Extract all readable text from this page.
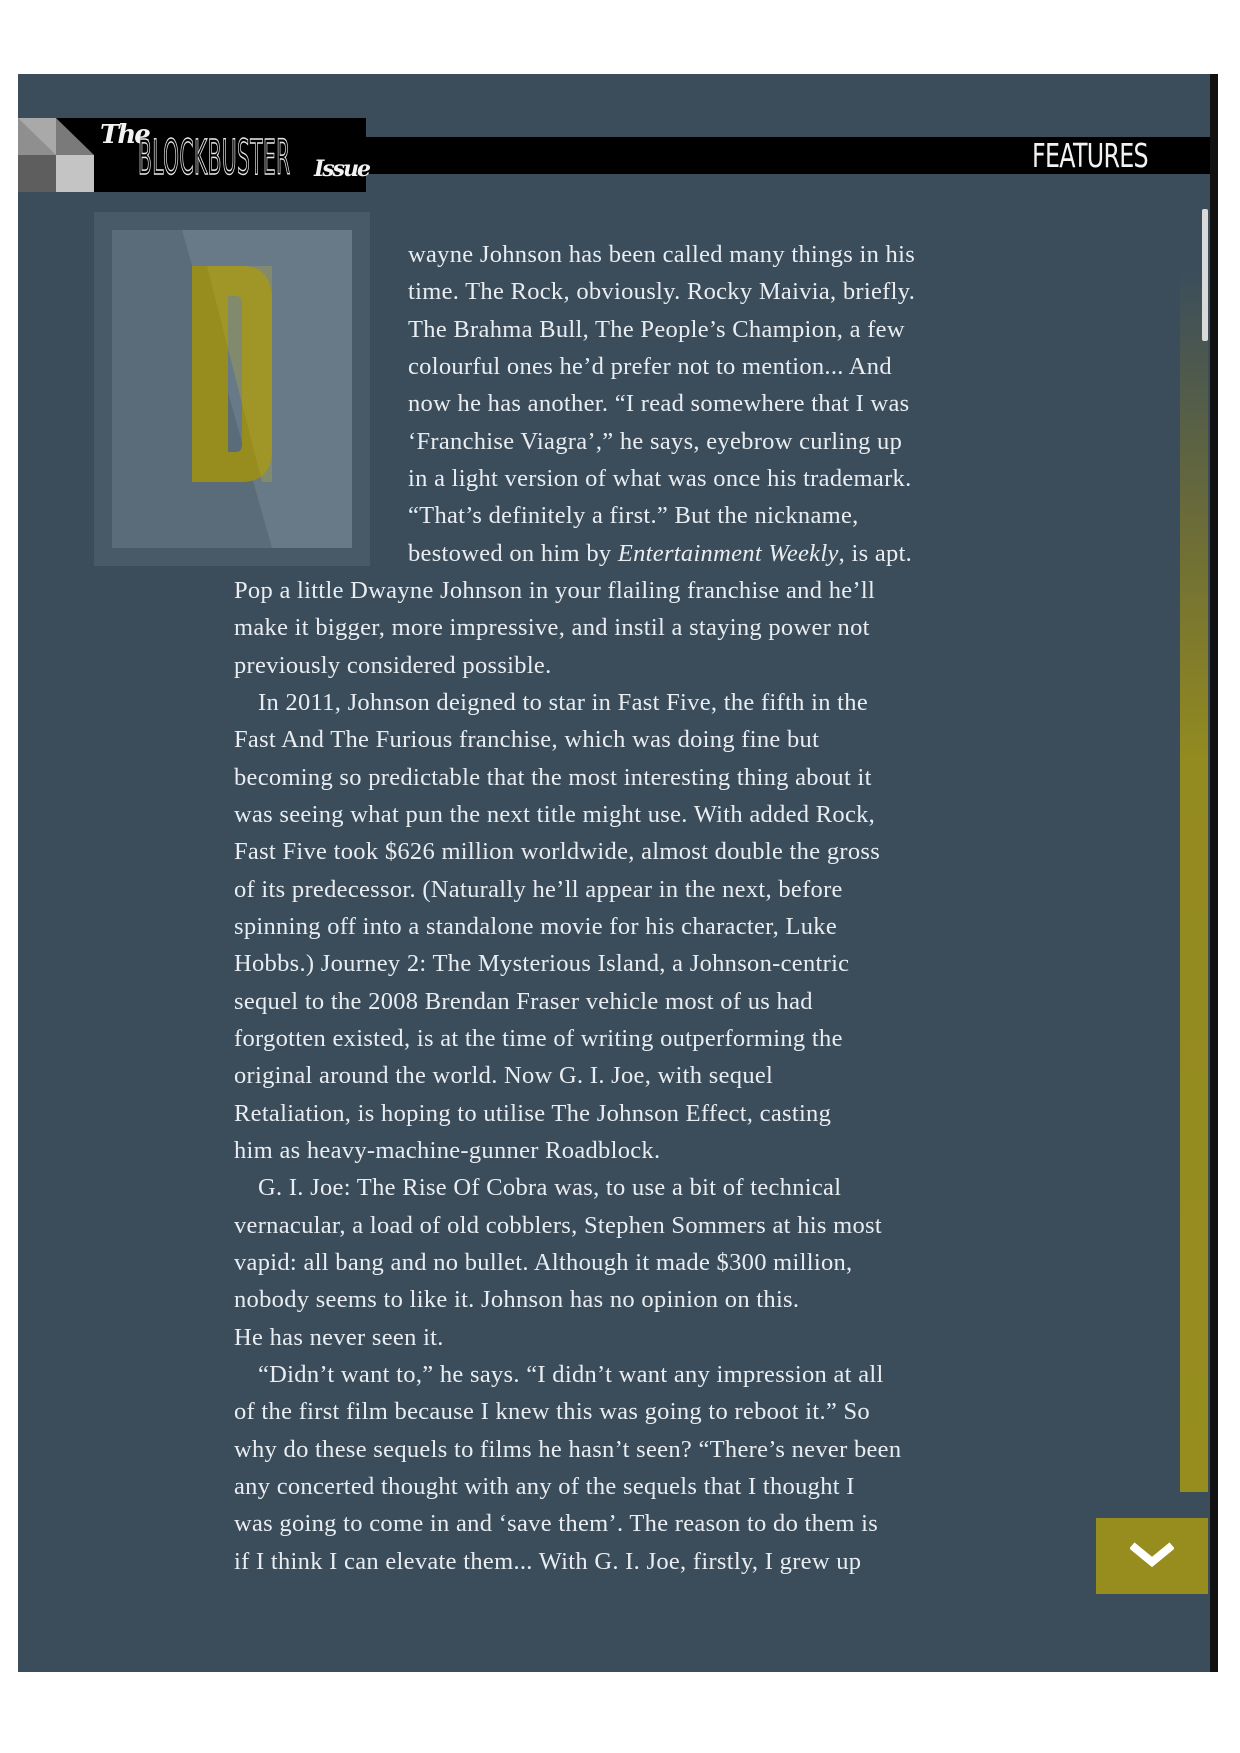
FEATURES
The
BLOCKBUSTER Issue
wayne Johnson has been called many things in his
time. The Rock, obviously. Rocky Maivia, briefly.
The Brahma Bull, The People’s Champion, a few
colourful ones he’d prefer not to mention... And
now he has another. “I read somewhere that I was
‘Franchise Viagra’,” he says, eyebrow curling up
in a light version of what was once his trademark.
“That’s definitely a first.” But the nickname,
bestowed on him by Entertainment Weekly, is apt.
Pop a little Dwayne Johnson in your flailing franchise and he’ll
make it bigger, more impressive, and instil a staying power not
previously considered possible.
In 2011, Johnson deigned to star in Fast Five, the fifth in the
Fast And The Furious franchise, which was doing fine but
becoming so predictable that the most interesting thing about it
was seeing what pun the next title might use. With added Rock,
Fast Five took $626 million worldwide, almost double the gross
of its predecessor. (Naturally he’ll appear in the next, before
spinning off into a standalone movie for his character, Luke
Hobbs.) Journey 2: The Mysterious Island, a Johnson-centric
sequel to the 2008 Brendan Fraser vehicle most of us had
forgotten existed, is at the time of writing outperforming the
original around the world. Now G. I. Joe, with sequel
Retaliation, is hoping to utilise The Johnson Effect, casting
him as heavy-machine-gunner Roadblock.
G. I. Joe: The Rise Of Cobra was, to use a bit of technical
vernacular, a load of old cobblers, Stephen Sommers at his most
vapid: all bang and no bullet. Although it made $300 million,
nobody seems to like it. Johnson has no opinion on this.
He has never seen it.
“Didn’t want to,” he says. “I didn’t want any impression at all
of the first film because I knew this was going to reboot it.” So
why do these sequels to films he hasn’t seen? “There’s never been
any concerted thought with any of the sequels that I thought I
was going to come in and ‘save them’. The reason to do them is
if I think I can elevate them... With G. I. Joe, firstly, I grew up
